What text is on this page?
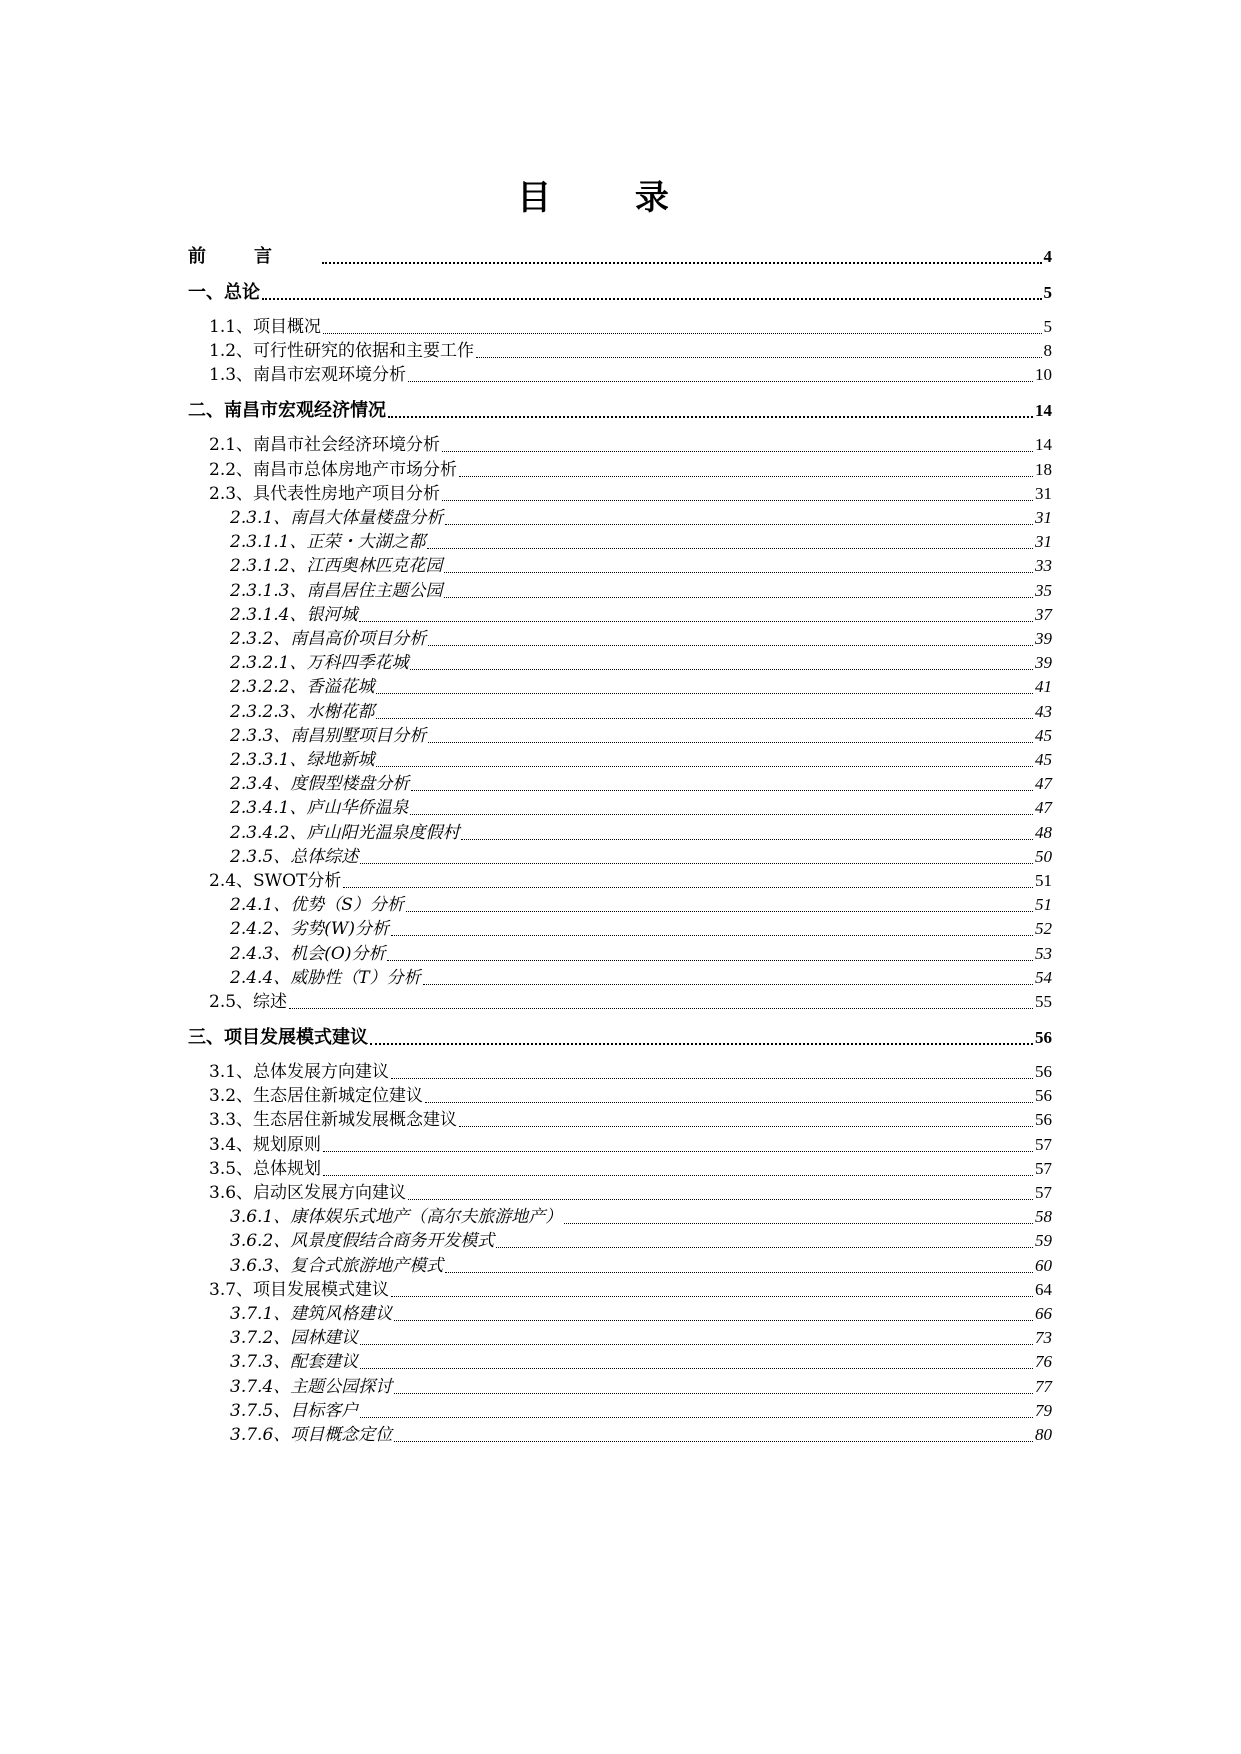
目 录
前言	4
一、总论	5
1.1、项目概况	5
1.2、可行性研究的依据和主要工作	8
1.3、南昌市宏观环境分析	10
二、南昌市宏观经济情况	14
2.1、南昌市社会经济环境分析	14
2.2、南昌市总体房地产市场分析	18
2.3、具代表性房地产项目分析	31
2.3.1、南昌大体量楼盘分析	31
2.3.1.1、正荣・大湖之都	31
2.3.1.2、江西奥林匹克花园	33
2.3.1.3、南昌居住主题公园	35
2.3.1.4、银河城	37
2.3.2、南昌高价项目分析	39
2.3.2.1、万科四季花城	39
2.3.2.2、香溢花城	41
2.3.2.3、水榭花都	43
2.3.3、南昌别墅项目分析	45
2.3.3.1、绿地新城	45
2.3.4、度假型楼盘分析	47
2.3.4.1、庐山华侨温泉	47
2.3.4.2、庐山阳光温泉度假村	48
2.3.5、总体综述	50
2.4、SWOT分析	51
2.4.1、优势（S）分析	51
2.4.2、劣势(W)分析	52
2.4.3、机会(O)分析	53
2.4.4、威胁性（T）分析	54
2.5、综述	55
三、项目发展模式建议	56
3.1、总体发展方向建议	56
3.2、生态居住新城定位建议	56
3.3、生态居住新城发展概念建议	56
3.4、规划原则	57
3.5、总体规划	57
3.6、启动区发展方向建议	57
3.6.1、康体娱乐式地产（高尔夫旅游地产）	58
3.6.2、风景度假结合商务开发模式	59
3.6.3、复合式旅游地产模式	60
3.7、项目发展模式建议	64
3.7.1、建筑风格建议	66
3.7.2、园林建议	73
3.7.3、配套建议	76
3.7.4、主题公园探讨	77
3.7.5、目标客户	79
3.7.6、项目概念定位	80
